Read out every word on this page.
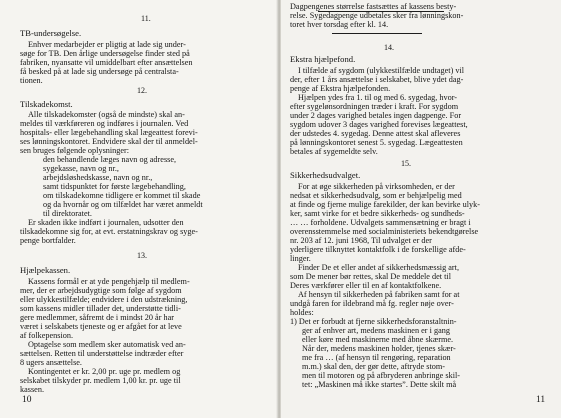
11.
TB-undersøgelse.
Enhver medarbejder er pligtig at lade sig under-
søge for TB. Den årlige undersøgelse finder sted på
fabriken, nyansatte vil umiddelbart efter ansættelsen
få besked på at lade sig undersøge på centralsta-
tionen.
12.
Tilskadekomst.
Alle tilskadekomster (også de mindste) skal an-
meldes til værkføreren og indføres i journalen. Ved
hospitals- eller lægebehandling skal lægeattest forevi-
ses lønningskontoret. Endvidere skal der til anmeldel-
sen bruges følgende oplysninger:
den behandlende læges navn og adresse,
sygekasse, navn og nr.,
arbejdsløshedskasse, navn og nr.,
samt tidspunktet for første lægebehandling,
om tilskadekomne tidligere er kommet til skade
og da hvornår og om tilfældet har været anmeldt
til direktoratet.
Er skaden ikke indført i journalen, udsotter den
tilskadekomne sig for, at evt. erstatningskrav og syge-
penge bortfalder.
13.
Hjælpekassen.
Kassens formål er at yde pengehjælp til medlem-
mer, der er arbejdsudygtige som følge af sygdom
eller ulykkestilfælde; endvidere i den udstrækning,
som kassens midler tillader det, understøtte tidli-
gere medlemmer, såfremt de i mindst 20 år har
været i selskabets tjeneste og er afgået for at leve
af folkepension.
Optagelse som medlem sker automatisk ved an-
sættelsen. Retten til understøttelse indtræder efter
8 ugers ansættelse.
Kontingentet er kr. 2,00 pr. uge pr. medlem og
selskabet tilskyder pr. medlem 1,00 kr. pr. uge til
kassen.
10
Dagpengenes størrelse fastsættes af kassens besty-
relse. Sygedagpenge udbetales sker fra lønningskon-
toret hver torsdag efter kl. 14.
14.
Ekstra hjælpefond.
I tilfælde af sygdom (ulykkestilfælde undtaget) vil
der, efter 1 års ansættelse i selskabet, blive ydet dag-
penge af Ekstra hjælpefonden.
Hjælpen ydes fra 1. til og med 6. sygedag, hvor-
efter sygelønsordningen træder i kraft. For sygdom
under 2 dages varighed betales ingen dagpenge. For
sygdom udover 3 dages varighed forevises lægeattest,
der udstedes 4. sygedag. Denne attest skal afleveres
på lønningskontoret senest 5. sygedag. Lægeattesten
betales af sygemeldte selv.
15.
Sikkerhedsudvalget.
For at øge sikkerheden på virksomheden, er der
nedsat et sikkerhedsudvalg, som er behjælpelig med
at finde og fjerne mulige farekilder, der kan bevirke ulyk-
ker, samt virke for et bedre sikkerheds- og sundheds-
… … forholdene. Udvalgets sammensætning er bragt i
overensstemmelse med socialministeriets bekendtgørelse
nr. 203 af 12. juni 1968, Til udvalget er der
yderligere tilknyttet kontaktfolk i de forskellige afde-
linger.
Finder De et eller andet af sikkerhedsmæssig art,
som De mener bør rettes, skal De meddele det til
Deres værkfører eller til en af kontaktfolkene.
Af hensyn til sikkerheden på fabriken samt for at
undgå faren for ildebrand må fg. regler nøje over-
holdes:
1) Det er forbudt at fjerne sikkerhedsforanstaltnin-
ger af enhver art, medens maskinen er i gang
eller køre med maskinerne med åbne skærme.
Når der, medens maskinen holder, tjenes skær-
me fra … (af hensyn til rengøring, reparation
m.m.) skal den, der gør dette, aftryde stom-
men til motoren og på afbryderen anbringe skil-
tet: „Maskinen må ikke startes”. Dette skilt må
11
